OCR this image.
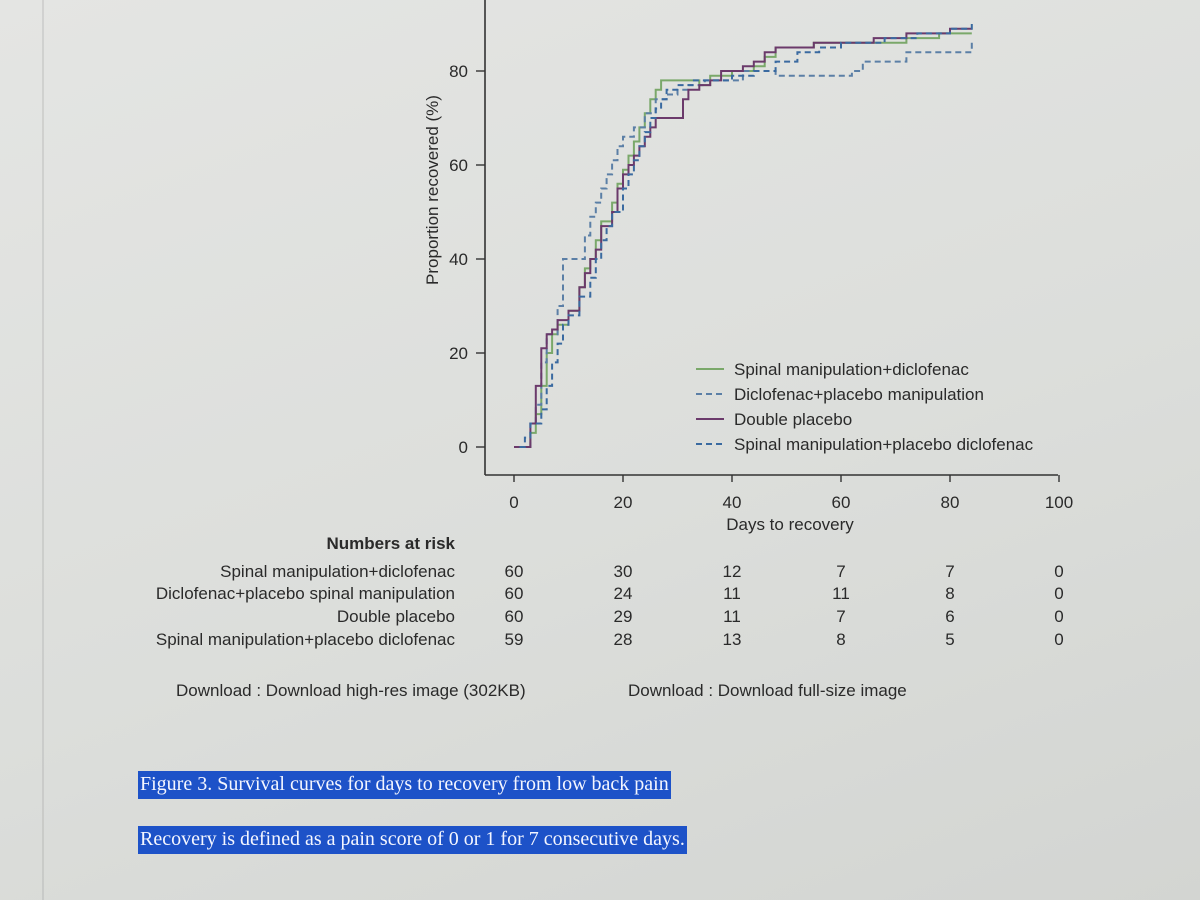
0
20
40
60
80
0	20	40	60	80	100
Proportion recovered (%)
Days to recovery
Spinal manipulation+diclofenac
Diclofenac+placebo manipulation
Double placebo
Spinal manipulation+placebo diclofenac
Numbers at risk
Spinal manipulation+diclofenac	60	30	12	7	7	0
Diclofenac+placebo spinal manipulation	60	24	11	11	8	0
Double placebo	60	29	11	7	6	0
Spinal manipulation+placebo diclofenac	59	28	13	8	5	0
Download : Download high-res image (302KB)	Download : Download full-size image
Figure 3. Survival curves for days to recovery from low back pain
Recovery is defined as a pain score of 0 or 1 for 7 consecutive days.
